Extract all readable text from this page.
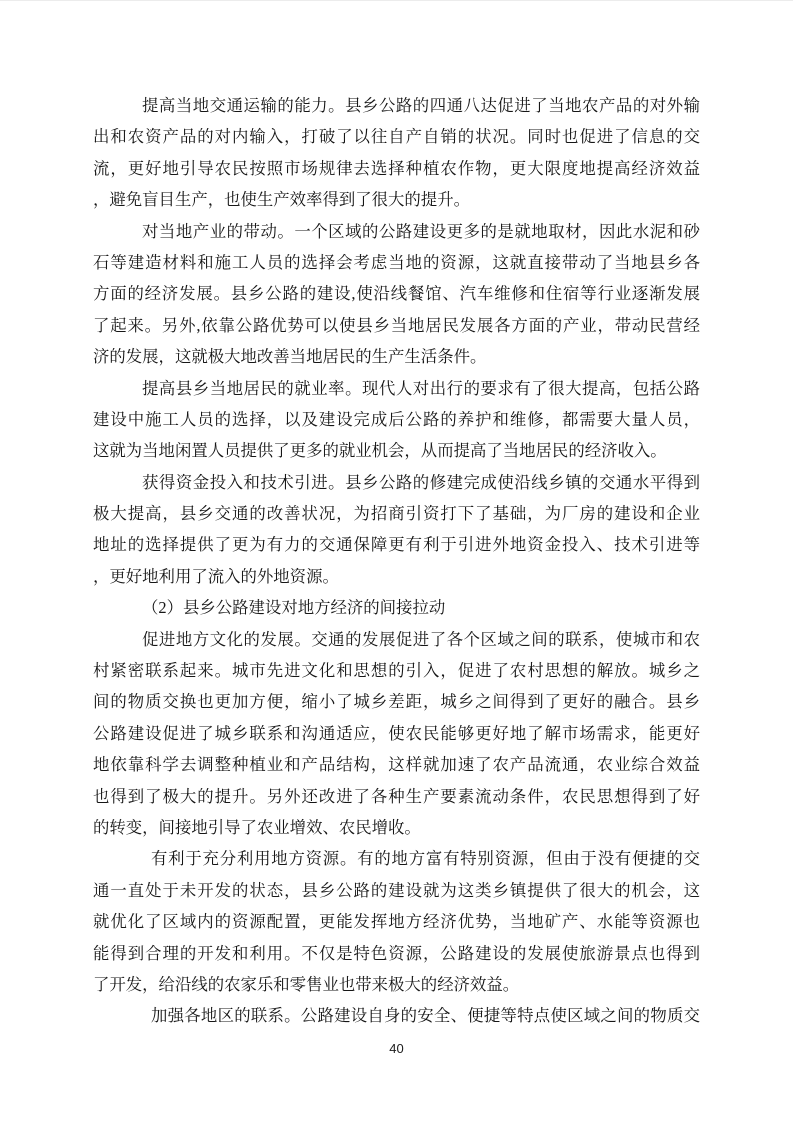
提高当地交通运输的能力。县乡公路的四通八达促进了当地农产品的对外输
出和农资产品的对内输入，打破了以往自产自销的状况。同时也促进了信息的交
流，更好地引导农民按照市场规律去选择种植农作物，更大限度地提高经济效益
，避免盲目生产，也使生产效率得到了很大的提升。
对当地产业的带动。一个区域的公路建设更多的是就地取材，因此水泥和砂
石等建造材料和施工人员的选择会考虑当地的资源，这就直接带动了当地县乡各
方面的经济发展。县乡公路的建设,使沿线餐馆、汽车维修和住宿等行业逐渐发展
了起来。另外,依靠公路优势可以使县乡当地居民发展各方面的产业，带动民营经
济的发展，这就极大地改善当地居民的生产生活条件。
提高县乡当地居民的就业率。现代人对出行的要求有了很大提高，包括公路
建设中施工人员的选择，以及建设完成后公路的养护和维修，都需要大量人员，
这就为当地闲置人员提供了更多的就业机会，从而提高了当地居民的经济收入。
获得资金投入和技术引进。县乡公路的修建完成使沿线乡镇的交通水平得到
极大提高，县乡交通的改善状况，为招商引资打下了基础，为厂房的建设和企业
地址的选择提供了更为有力的交通保障更有利于引进外地资金投入、技术引进等
，更好地利用了流入的外地资源。
（2）县乡公路建设对地方经济的间接拉动
促进地方文化的发展。交通的发展促进了各个区域之间的联系，使城市和农
村紧密联系起来。城市先进文化和思想的引入，促进了农村思想的解放。城乡之
间的物质交换也更加方便，缩小了城乡差距，城乡之间得到了更好的融合。县乡
公路建设促进了城乡联系和沟通适应，使农民能够更好地了解市场需求，能更好
地依靠科学去调整种植业和产品结构，这样就加速了农产品流通，农业综合效益
也得到了极大的提升。另外还改进了各种生产要素流动条件，农民思想得到了好
的转变，间接地引导了农业增效、农民增收。
有利于充分利用地方资源。有的地方富有特别资源，但由于没有便捷的交
通一直处于未开发的状态，县乡公路的建设就为这类乡镇提供了很大的机会，这
就优化了区域内的资源配置，更能发挥地方经济优势，当地矿产、水能等资源也
能得到合理的开发和利用。不仅是特色资源，公路建设的发展使旅游景点也得到
了开发，给沿线的农家乐和零售业也带来极大的经济效益。
加强各地区的联系。公路建设自身的安全、便捷等特点使区域之间的物质交
40
